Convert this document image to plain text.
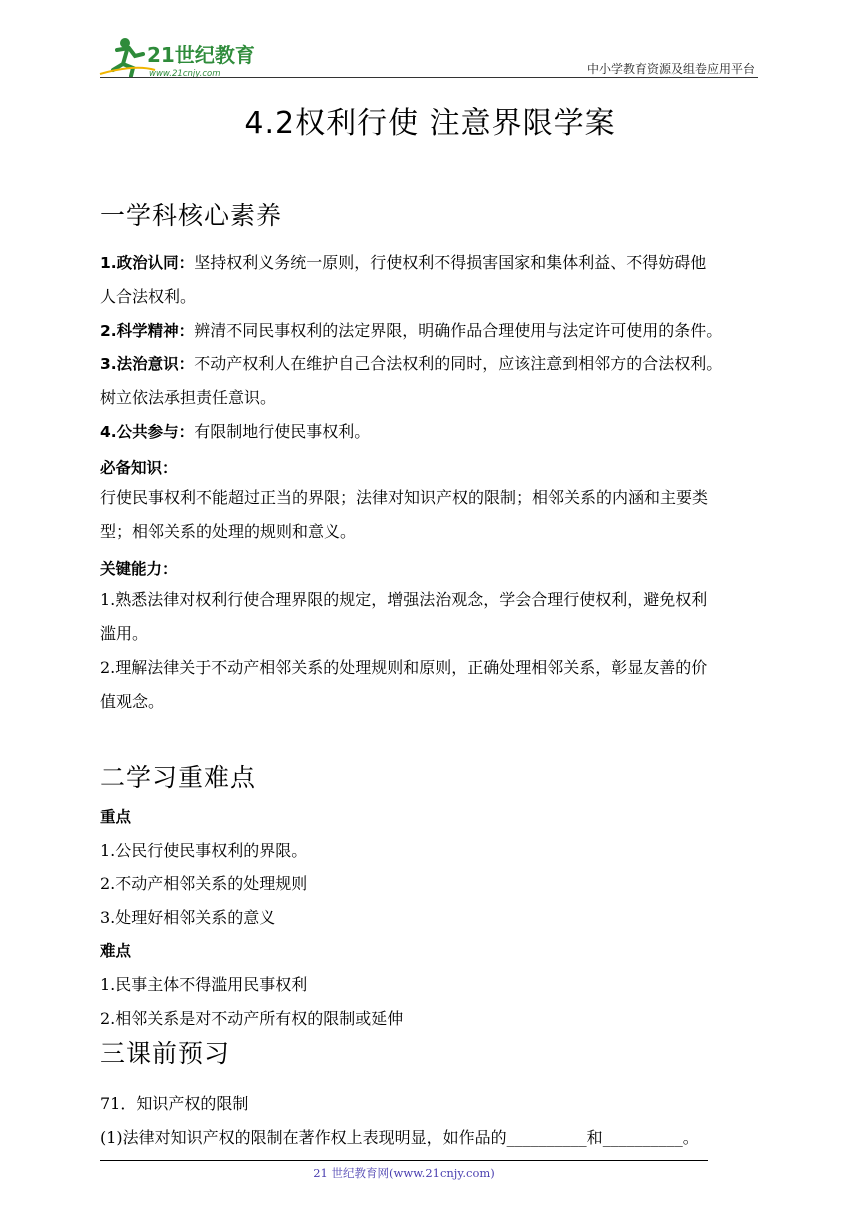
21世纪教育
www.21cnjy.com	中小学教育资源及组卷应用平台
4.2权利行使 注意界限学案
一学科核心素养
1.政治认同：坚持权利义务统一原则，行使权利不得损害国家和集体利益、不得妨碍他
人合法权利。
2.科学精神：辨清不同民事权利的法定界限，明确作品合理使用与法定许可使用的条件。
3.法治意识：不动产权利人在维护自己合法权利的同时，应该注意到相邻方的合法权利。
树立依法承担责任意识。
4.公共参与：有限制地行使民事权利。
必备知识：
行使民事权利不能超过正当的界限；法律对知识产权的限制；相邻关系的内涵和主要类
型；相邻关系的处理的规则和意义。
关键能力：
1.熟悉法律对权利行使合理界限的规定，增强法治观念，学会合理行使权利，避免权利
滥用。
2.理解法律关于不动产相邻关系的处理规则和原则，正确处理相邻关系，彰显友善的价
值观念。
二学习重难点
重点
1.公民行使民事权利的界限。
2.不动产相邻关系的处理规则
3.处理好相邻关系的意义
难点
1.民事主体不得滥用民事权利
2.相邻关系是对不动产所有权的限制或延伸
三课前预习
71．知识产权的限制
(1)法律对知识产权的限制在著作权上表现明显，如作品的__________和__________。
21 世纪教育网(www.21cnjy.com)
